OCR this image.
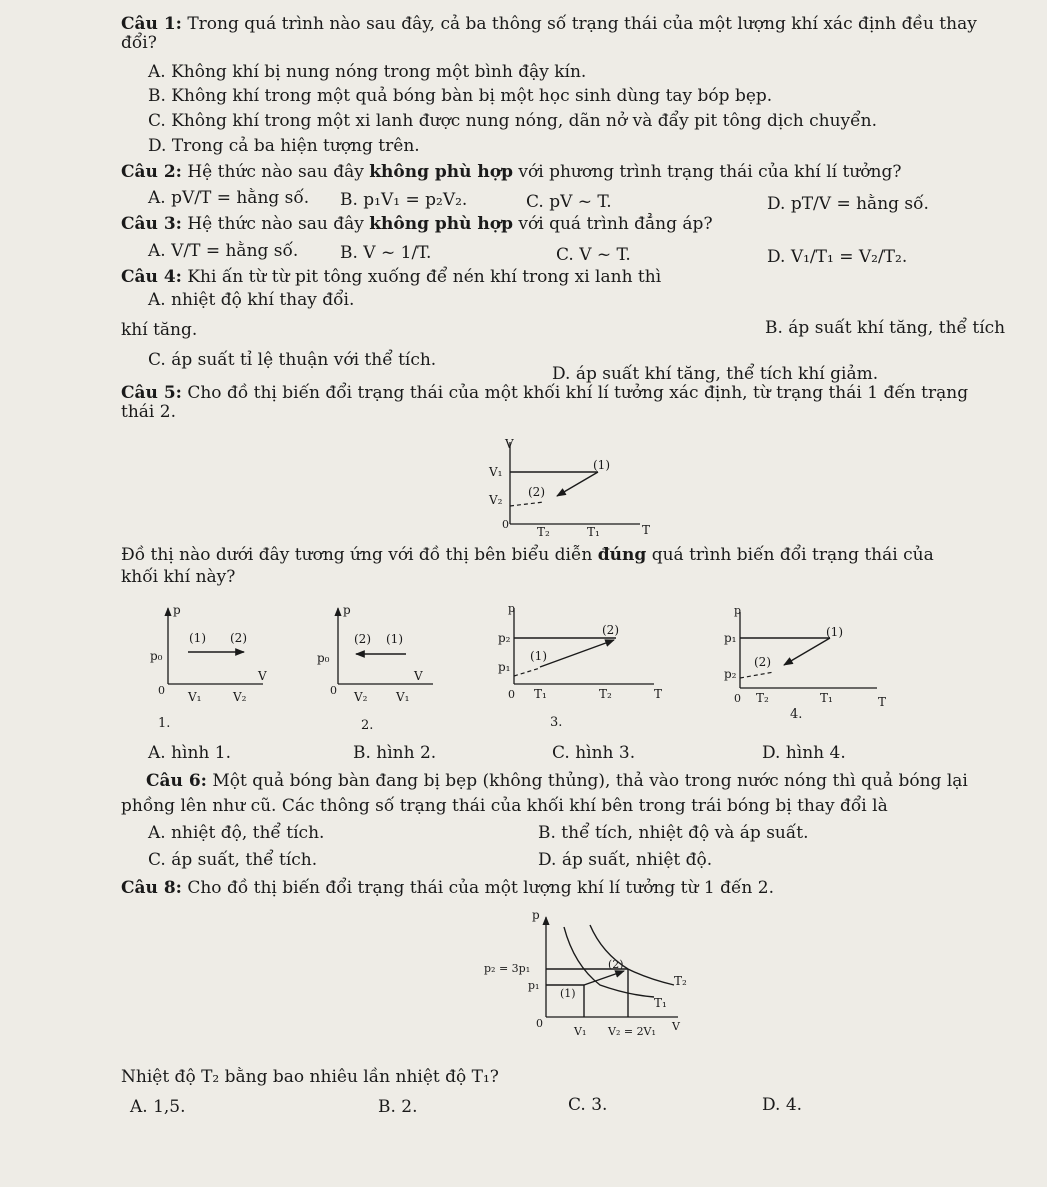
Câu 1: Trong quá trình nào sau đây, cả ba thông số trạng thái của một lượng khí xác định đều thay
đổi?
A. Không khí bị nung nóng trong một bình đậy kín.
B. Không khí trong một quả bóng bàn bị một học sinh dùng tay bóp bẹp.
C. Không khí trong một xi lanh được nung nóng, dãn nở và đẩy pit tông dịch chuyển.
D. Trong cả ba hiện tượng trên.
Câu 2: Hệ thức nào sau đây không phù hợp với phương trình trạng thái của khí lí tưởng?
A. pV/T = hằng số. B. p₁V₁ = p₂V₂.	C. pV ~ T.	D. pT/V = hằng số.
Câu 3: Hệ thức nào sau đây không phù hợp với quá trình đẳng áp?
A. V/T = hằng số. B. V ~ 1/T.	C. V ~ T.	D. V₁/T₁ = V₂/T₂.
Câu 4: Khi ấn từ từ pit tông xuống để nén khí trong xi lanh thì
A. nhiệt độ khí thay đổi.
B. áp suất khí tăng, thể tích
khí tăng.
C. áp suất tỉ lệ thuận với thể tích.
D. áp suất khí tăng, thể tích khí giảm.
Câu 5: Cho đồ thị biến đổi trạng thái của một khối khí lí tưởng xác định, từ trạng thái 1 đến trạng
thái 2.
V
T
0
V₁
V₂
T₂	T₁
(1)
(2)
Đồ thị nào dưới đây tương ứng với đồ thị bên biểu diễn đúng quá trình biến đổi trạng thái của
khối khí này?
p
V
0
p₀
(1) (2)
V₁	V₂
1.
p
V
0
p₀
(2) (1)
V₂ V₁
2.
p
T
0
p₂
p₁
(2)
(1)
T₁	T₂
3.
p
T
0
p₁
p₂
(1)
(2)
T₂	T₁
4.
A. hình 1.	B. hình 2.	C. hình 3.	D. hình 4.
Câu 6: Một quả bóng bàn đang bị bẹp (không thủng), thả vào trong nước nóng thì quả bóng lại
phồng lên như cũ. Các thông số trạng thái của khối khí bên trong trái bóng bị thay đổi là
A. nhiệt độ, thể tích.	B. thể tích, nhiệt độ và áp suất.
C. áp suất, thể tích.	D. áp suất, nhiệt độ.
Câu 8: Cho đồ thị biến đổi trạng thái của một lượng khí lí tưởng từ 1 đến 2.
p
V
0
p₂ = 3p₁
p₁
(2)
(1)
T₂
T₁
V₁ V₂ = 2V₁
Nhiệt độ T₂ bằng bao nhiêu lần nhiệt độ T₁?
A. 1,5.	B. 2.	C. 3.	D. 4.
